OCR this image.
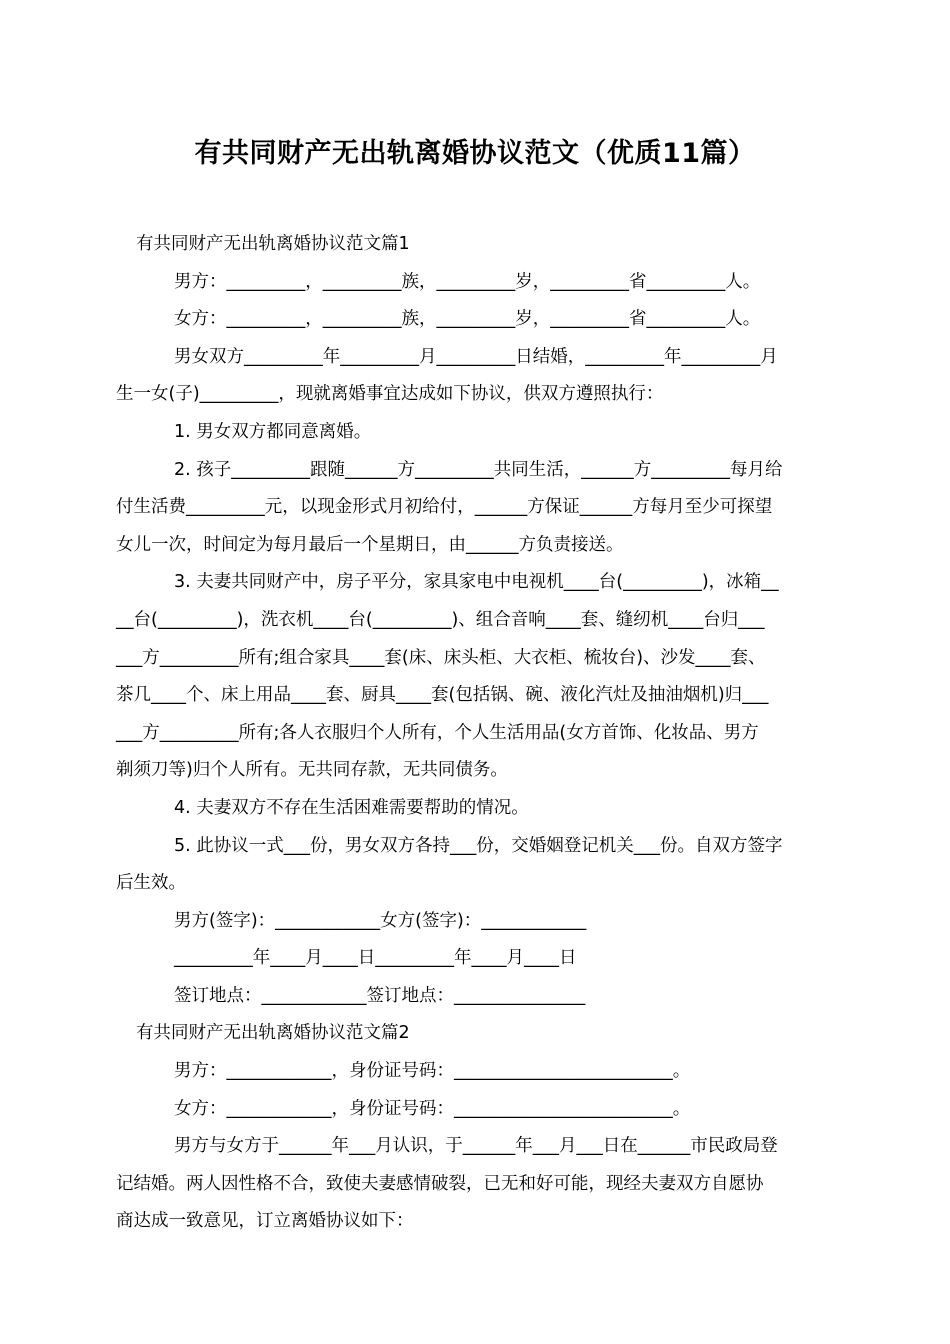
有共同财产无出轨离婚协议范文（优质11篇）

有共同财产无出轨离婚协议范文篇1

男方：_________，_________族，_________岁，_________省_________人。

女方：_________，_________族，_________岁，_________省_________人。

男女双方_________年_________月_________日结婚，_________年_________月

生一女(子)_________，现就离婚事宜达成如下协议，供双方遵照执行：

1. 男女双方都同意离婚。

2. 孩子_________跟随______方_________共同生活，______方_________每月给

付生活费_________元，以现金形式月初给付，______方保证______方每月至少可探望

女儿一次，时间定为每月最后一个星期日，由______方负责接送。

3. 夫妻共同财产中，房子平分，家具家电中电视机____台(_________)，冰箱__

__台(_________)，洗衣机____台(_________)、组合音响____套、缝纫机____台归___

___方_________所有;组合家具____套(床、床头柜、大衣柜、梳妆台)、沙发____套、

茶几____个、床上用品____套、厨具____套(包括锅、碗、液化汽灶及抽油烟机)归___

___方_________所有;各人衣服归个人所有，个人生活用品(女方首饰、化妆品、男方

剃须刀等)归个人所有。无共同存款，无共同债务。

4. 夫妻双方不存在生活困难需要帮助的情况。

5. 此协议一式___份，男女双方各持___份，交婚姻登记机关___份。自双方签字

后生效。

男方(签字)：____________女方(签字)：____________

_________年____月____日_________年____月____日

签订地点：____________签订地点：_______________

有共同财产无出轨离婚协议范文篇2

男方：____________，身份证号码：_________________________。

女方：____________，身份证号码：_________________________。

男方与女方于______年___月认识，于______年___月___日在______市民政局登

记结婚。两人因性格不合，致使夫妻感情破裂，已无和好可能，现经夫妻双方自愿协

商达成一致意见，订立离婚协议如下：
